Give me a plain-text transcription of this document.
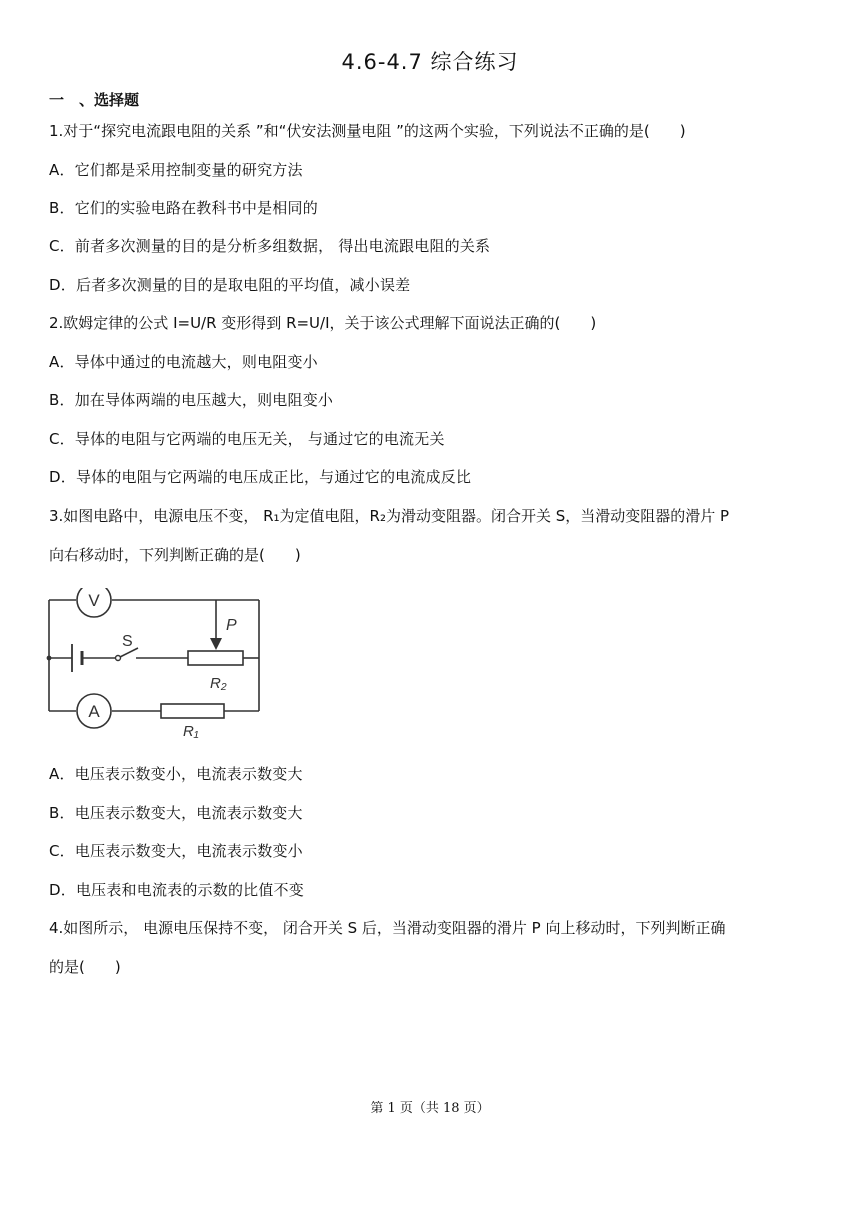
4.6-4.7 综合练习
一　、选择题
1.对于“探究电流跟电阻的关系 ”和“伏安法测量电阻 ”的这两个实验，下列说法不正确的是(　　)
A．它们都是采用控制变量的研究方法
B．它们的实验电路在教科书中是相同的
C．前者多次测量的目的是分析多组数据， 得出电流跟电阻的关系
D．后者多次测量的目的是取电阻的平均值，减小误差
2.欧姆定律的公式 I=U/R 变形得到 R=U/I，关于该公式理解下面说法正确的(　　)
A．导体中通过的电流越大，则电阻变小
B．加在导体两端的电压越大，则电阻变小
C．导体的电阻与它两端的电压无关， 与通过它的电流无关
D．导体的电阻与它两端的电压成正比，与通过它的电流成反比
3.如图电路中，电源电压不变， R₁为定值电阻，R₂为滑动变阻器。闭合开关 S，当滑动变阻器的滑片 P
向右移动时，下列判断正确的是(　　)
V
A
S
P
R₂
R₁
A．电压表示数变小，电流表示数变大
B．电压表示数变大，电流表示数变大
C．电压表示数变大，电流表示数变小
D．电压表和电流表的示数的比值不变
4.如图所示， 电源电压保持不变， 闭合开关 S 后，当滑动变阻器的滑片 P 向上移动时，下列判断正确
的是(　　)
第 1 页（共 18 页）
